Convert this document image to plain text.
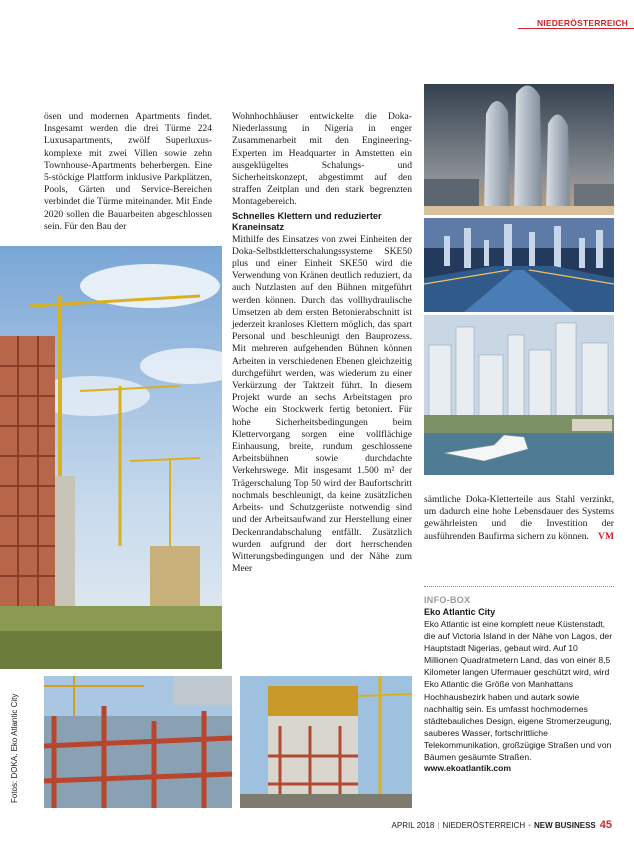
NIEDERÖSTERREICH

ösen und modernen Apartments findet. Insgesamt werden die drei Türme 224 Luxusapartments, zwölf Superluxus-komplexe mit zwei Villen sowie zehn Townhouse-Apartments beherbergen. Eine 5-stöckige Plattform inklusive Parkplätzen, Pools, Gärten und Service-Bereichen verbindet die Türme miteinander. Mit Ende 2020 sollen die Bauarbeiten abgeschlossen sein. Für den Bau der

Wohnhochhäuser entwickelte die Doka-Niederlassung in Nigeria in enger Zusammenarbeit mit den Engineering-Experten im Headquarter in Amstetten ein ausgeklügeltes Schalungs- und Sicherheitskonzept, abgestimmt auf den straffen Zeitplan und den stark begrenzten Montagebereich.

Schnelles Klettern und reduzierter Kraneinsatz

Mithilfe des Einsatzes von zwei Einheiten der Doka-Selbstkletterschalungssysteme SKE50 plus und einer Einheit SKE50 wird die Verwendung von Kränen deutlich reduziert, da auch Nutzlasten auf den Bühnen mitgeführt werden können. Durch das vollhydraulische Umsetzen ab dem ersten Betonierabschnitt ist jederzeit kranloses Klettern möglich, das spart Personal und beschleunigt den Bauprozess. Mit mehreren aufgehenden Bühnen können Arbeiten in verschiedenen Ebenen gleichzeitig durchgeführt werden, was wiederum zu einer Verkürzung der Taktzeit führt. In diesem Projekt wurde an sechs Arbeitstagen pro Woche ein Stockwerk fertig betoniert. Für hohe Sicherheitsbedingungen beim Klettervorgang sorgen eine vollflächige Einhausung, breite, rundum geschlossene Arbeitsbühnen sowie durchdachte Verkehrswege. Mit insgesamt 1.500 m² der Trägerschalung Top 50 wird der Baufortschritt nochmals beschleunigt, da keine zusätzlichen Arbeits- und Schutzgerüste notwendig sind und der Arbeitsaufwand zur Herstellung einer Deckenrandabschalung entfällt. Zusätzlich wurden aufgrund der dort herrschenden Witterungsbedingungen und der Nähe zum Meer

sämtliche Doka-Kletterteile aus Stahl verzinkt, um dadurch eine hohe Lebensdauer des Systems gewährleisten und die Investition der ausführenden Baufirma sichern zu können. VM

INFO-BOX
Eko Atlantic City
Eko Atlantic ist eine komplett neue Küstenstadt, die auf Victoria Island in der Nähe von Lagos, der Hauptstadt Nigerias, gebaut wird. Auf 10 Millionen Quadratmetern Land, das von einer 8,5 Kilometer langen Ufermauer geschützt wird, wird Eko Atlantic die Größe von Manhattans Hochhausbezirk haben und autark sowie nachhaltig sein. Es umfasst hochmodernes städtebauliches Design, eigene Stromerzeugung, sauberes Wasser, fortschrittliche Telekommunikation, großzügige Straßen und von Bäumen gesäumte Straßen.
www.ekoatlantik.com
Fotos: DOKA, Eko Atlantic City
APRIL 2018 | NIEDERÖSTERREICH • NEW BUSINESS 45
